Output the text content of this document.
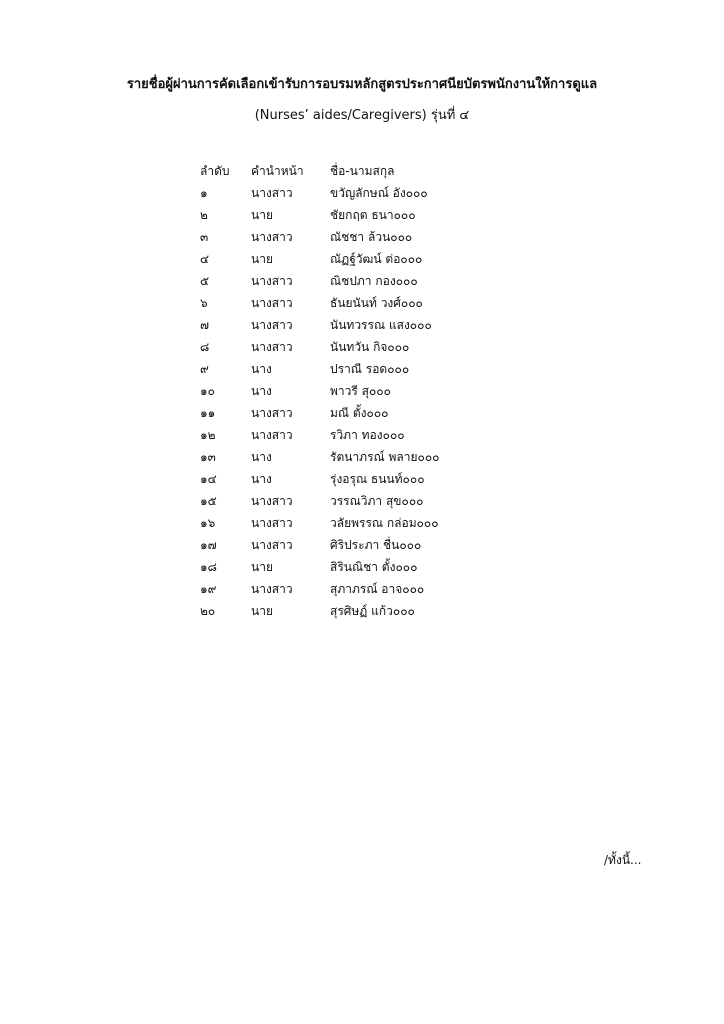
รายชื่อผู้ผ่านการคัดเลือกเข้ารับการอบรมหลักสูตรประกาศนียบัตรพนักงานให้การดูแล
(Nurses’ aides/Caregivers) รุ่นที่ ๔
ลำดับ	คำนำหน้า	ชื่อ-นามสกุล
๑	นางสาว	ขวัญลักษณ์ อัง๐๐๐
๒	นาย	ชัยกฤต ธนา๐๐๐
๓	นางสาว	ณัชชา ล้วน๐๐๐
๔	นาย	ณัฏฐ์วัฒน์ ต่อ๐๐๐
๕	นางสาว	ณิชปภา กอง๐๐๐
๖	นางสาว	ธันยนันท์ วงศ์๐๐๐
๗	นางสาว	นันทวรรณ แสง๐๐๐
๘	นางสาว	นันทวัน กิจ๐๐๐
๙	นาง	ปราณี รอด๐๐๐
๑๐	นาง	พาวรี สุ๐๐๐
๑๑	นางสาว	มณี ตั้ง๐๐๐
๑๒	นางสาว	รวิภา ทอง๐๐๐
๑๓	นาง	รัตนาภรณ์ พลาย๐๐๐
๑๔	นาง	รุ่งอรุณ ธนนท์๐๐๐
๑๕	นางสาว	วรรณวิภา สุข๐๐๐
๑๖	นางสาว	วลัยพรรณ กล่อม๐๐๐
๑๗	นางสาว	ศิริประภา ชื่น๐๐๐
๑๘	นาย	สิรินณิชา ตั้ง๐๐๐
๑๙	นางสาว	สุภาภรณ์ อาจ๐๐๐
๒๐	นาย	สุรศิษฏ์ แก้ว๐๐๐
/ทั้งนี้...
